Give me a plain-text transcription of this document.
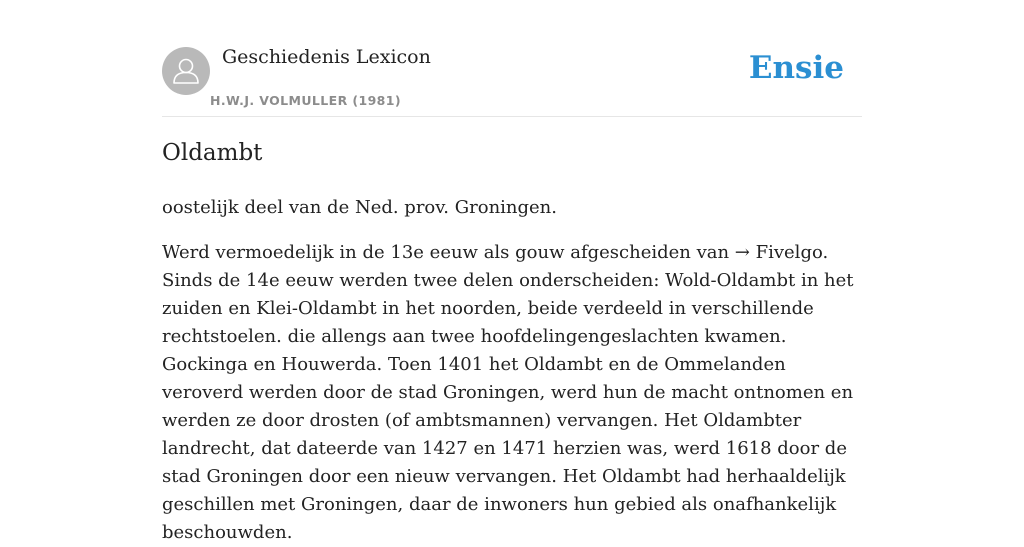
Geschiedenis Lexicon
H.W.J. VOLMULLER (1981)
Ensie
Oldambt

oostelijk deel van de Ned. prov. Groningen.

Werd vermoedelijk in de 13e eeuw als gouw afgescheiden van → Fivelgo. Sinds de 14e eeuw werden twee delen onderscheiden: Wold-Oldambt in het zuiden en Klei-Oldambt in het noorden, beide verdeeld in verschillende rechtstoelen. die allengs aan twee hoofdelingengeslachten kwamen. Gockinga en Houwerda. Toen 1401 het Oldambt en de Ommelanden veroverd werden door de stad Groningen, werd hun de macht ontnomen en werden ze door drosten (of ambtsmannen) vervangen. Het Oldambter landrecht, dat dateerde van 1427 en 1471 herzien was, werd 1618 door de stad Groningen door een nieuw vervangen. Het Oldambt had herhaaldelijk geschillen met Groningen, daar de inwoners hun gebied als onafhankelijk beschouwden.
